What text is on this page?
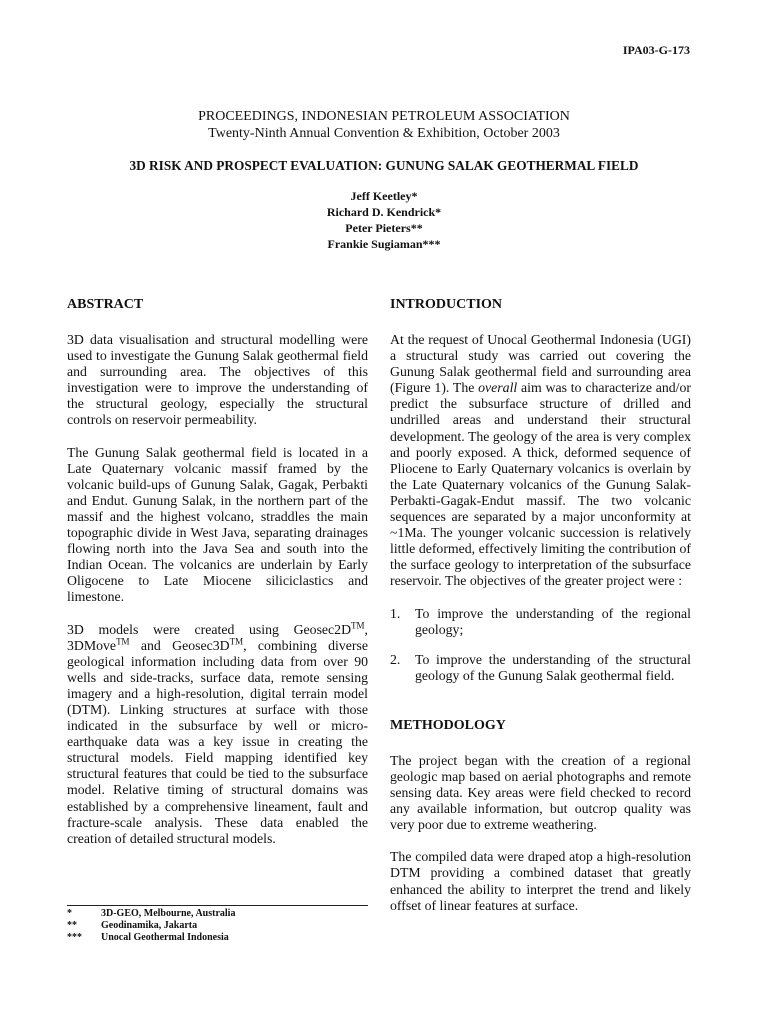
IPA03-G-173
PROCEEDINGS, INDONESIAN PETROLEUM ASSOCIATION
Twenty-Ninth Annual Convention & Exhibition, October 2003
3D RISK AND PROSPECT EVALUATION: GUNUNG SALAK GEOTHERMAL FIELD
Jeff Keetley*
Richard D. Kendrick*
Peter Pieters**
Frankie Sugiaman***
ABSTRACT

3D data visualisation and structural modelling were used to investigate the Gunung Salak geothermal field and surrounding area. The objectives of this investigation were to improve the understanding of the structural geology, especially the structural controls on reservoir permeability.

The Gunung Salak geothermal field is located in a Late Quaternary volcanic massif framed by the volcanic build-ups of Gunung Salak, Gagak, Perbakti and Endut. Gunung Salak, in the northern part of the massif and the highest volcano, straddles the main topographic divide in West Java, separating drainages flowing north into the Java Sea and south into the Indian Ocean. The volcanics are underlain by Early Oligocene to Late Miocene siliciclastics and limestone.

3D models were created using Geosec2D™, 3DMove™ and Geosec3D™, combining diverse geological information including data from over 90 wells and side-tracks, surface data, remote sensing imagery and a high-resolution, digital terrain model (DTM). Linking structures at surface with those indicated in the subsurface by well or micro-earthquake data was a key issue in creating the structural models. Field mapping identified key structural features that could be tied to the subsurface model. Relative timing of structural domains was established by a comprehensive lineament, fault and fracture-scale analysis. These data enabled the creation of detailed structural models.

INTRODUCTION

At the request of Unocal Geothermal Indonesia (UGI) a structural study was carried out covering the Gunung Salak geothermal field and surrounding area (Figure 1). The overall aim was to characterize and/or predict the subsurface structure of drilled and undrilled areas and understand their structural development. The geology of the area is very complex and poorly exposed. A thick, deformed sequence of Pliocene to Early Quaternary volcanics is overlain by the Late Quaternary volcanics of the Gunung Salak-Perbakti-Gagak-Endut massif. The two volcanic sequences are separated by a major unconformity at ~1Ma. The younger volcanic succession is relatively little deformed, effectively limiting the contribution of the surface geology to interpretation of the subsurface reservoir. The objectives of the greater project were :

1.	To improve the understanding of the regional geology;
2.	To improve the understanding of the structural geology of the Gunung Salak geothermal field.
METHODOLOGY

The project began with the creation of a regional geologic map based on aerial photographs and remote sensing data. Key areas were field checked to record any available information, but outcrop quality was very poor due to extreme weathering.

The compiled data were draped atop a high-resolution DTM providing a combined dataset that greatly enhanced the ability to interpret the trend and likely offset of linear features at surface.

*	3D-GEO, Melbourne, Australia
**	Geodinamika, Jakarta
***	Unocal Geothermal Indonesia
